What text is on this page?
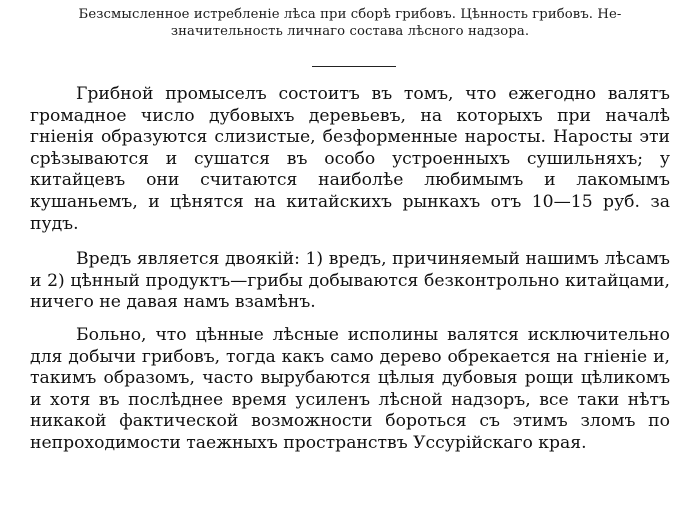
Безсмысленное истребленіе лѣса при сборѣ грибовъ. Цѣнность грибовъ. Не-
значительность личнаго состава лѣсного надзора.

Грибной промыселъ состоитъ въ томъ, что ежегодно валятъ громадное число дубовыхъ деревьевъ, на которыхъ при началѣ гніенія образуются слизистые, безформенные наросты. Наросты эти срѣзываются и сушатся въ особо устроенныхъ сушильняхъ; у китайцевъ они считаются наиболѣе любимымъ и лакомымъ кушаньемъ, и цѣнятся на китайскихъ рынкахъ отъ 10—15 руб. за пудъ.

Вредъ является двоякій: 1) вредъ, причиняемый нашимъ лѣсамъ и 2) цѣнный продуктъ—грибы добываются безконтрольно китайцами, ничего не давая намъ взамѣнъ.

Больно, что цѣнные лѣсные исполины валятся исключительно для добычи грибовъ, тогда какъ само дерево обрекается на гніеніе и, такимъ образомъ, часто вырубаются цѣлыя дубовыя рощи цѣликомъ и хотя въ послѣднее время усиленъ лѣсной надзоръ, все таки нѣтъ никакой фактической возможности бороться съ этимъ зломъ по непроходимости таежныхъ пространствъ Уссурійскаго края.
